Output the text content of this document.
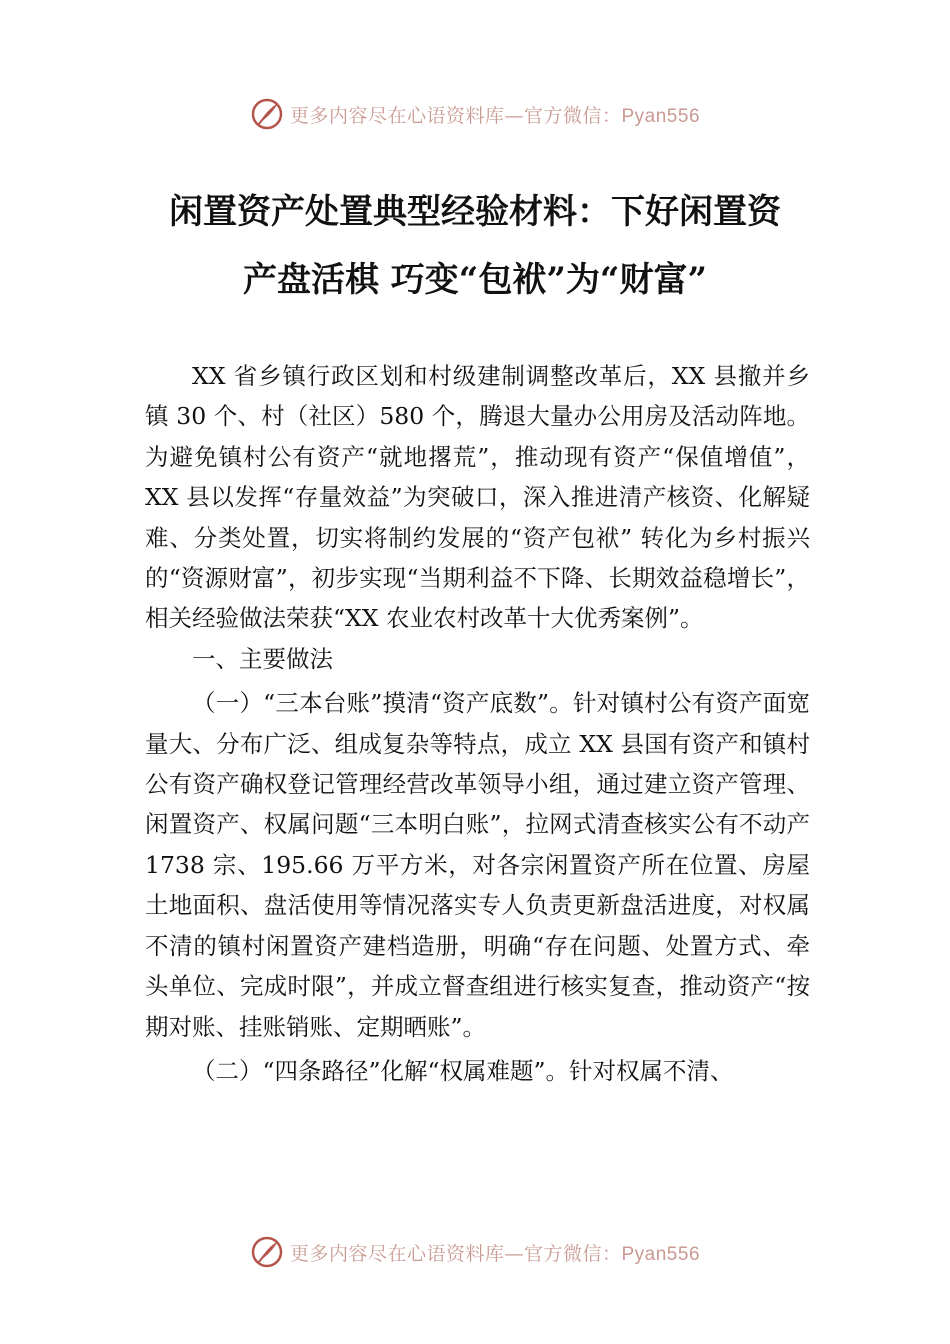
更多内容尽在心语资料库—官方微信：Pyan556
闲置资产处置典型经验材料：下好闲置资
产盘活棋 巧变“包袱”为“财富”

XX 省乡镇行政区划和村级建制调整改革后，XX 县撤并乡镇 30 个、村（社区）580 个，腾退大量办公用房及活动阵地。为避免镇村公有资产“就地撂荒”，推动现有资产“保值增值”，XX 县以发挥“存量效益”为突破口，深入推进清产核资、化解疑难、分类处置，切实将制约发展的“资产包袱” 转化为乡村振兴的“资源财富”，初步实现“当期利益不下降、长期效益稳增长”，相关经验做法荣获“XX 农业农村改革十大优秀案例”。

一、主要做法

（一）“三本台账”摸清“资产底数”。针对镇村公有资产面宽量大、分布广泛、组成复杂等特点，成立 XX 县国有资产和镇村公有资产确权登记管理经营改革领导小组，通过建立资产管理、闲置资产、权属问题“三本明白账”，拉网式清查核实公有不动产 1738 宗、195.66 万平方米，对各宗闲置资产所在位置、房屋土地面积、盘活使用等情况落实专人负责更新盘活进度，对权属不清的镇村闲置资产建档造册，明确“存在问题、处置方式、牵头单位、完成时限”，并成立督查组进行核实复查，推动资产“按期对账、挂账销账、定期晒账”。

（二）“四条路径”化解“权属难题”。针对权属不清、

更多内容尽在心语资料库—官方微信：Pyan556
